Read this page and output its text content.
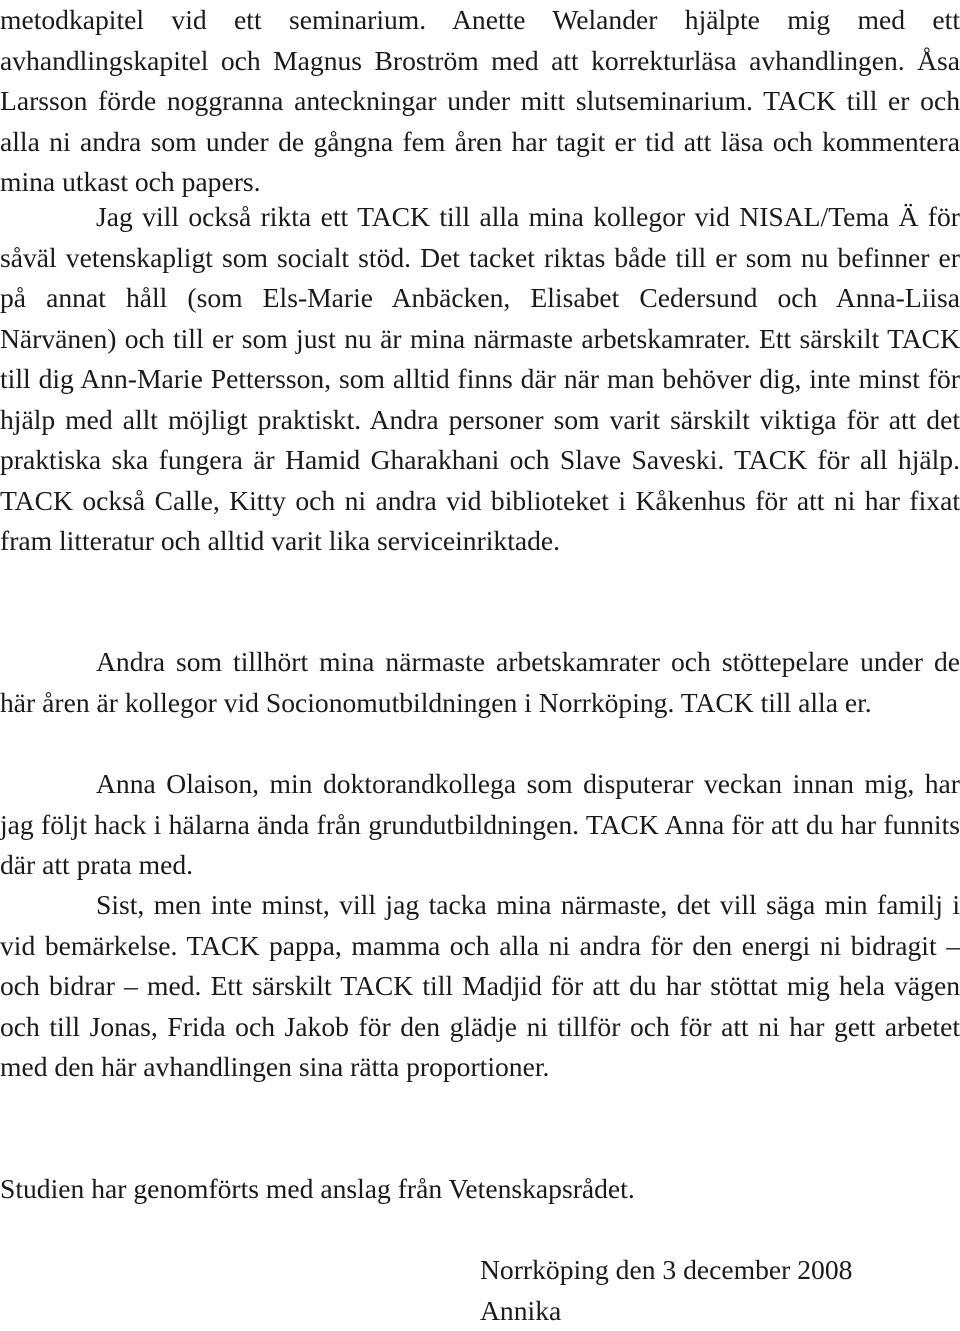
metodkapitel vid ett seminarium. Anette Welander hjälpte mig med ett avhandlingskapitel och Magnus Broström med att korrekturläsa avhandlingen. Åsa Larsson förde noggranna anteckningar under mitt slutseminarium. TACK till er och alla ni andra som under de gångna fem åren har tagit er tid att läsa och kommentera mina utkast och papers.

Jag vill också rikta ett TACK till alla mina kollegor vid NISAL/Tema Ä för såväl vetenskapligt som socialt stöd. Det tacket riktas både till er som nu befinner er på annat håll (som Els-Marie Anbäcken, Elisabet Cedersund och Anna-Liisa Närvänen) och till er som just nu är mina närmaste arbetskamrater. Ett särskilt TACK till dig Ann-Marie Pettersson, som alltid finns där när man behöver dig, inte minst för hjälp med allt möjligt praktiskt. Andra personer som varit särskilt viktiga för att det praktiska ska fungera är Hamid Gharakhani och Slave Saveski. TACK för all hjälp. TACK också Calle, Kitty och ni andra vid biblioteket i Kåkenhus för att ni har fixat fram litteratur och alltid varit lika serviceinriktade.

Andra som tillhört mina närmaste arbetskamrater och stöttepelare under de här åren är kollegor vid Socionomutbildningen i Norrköping. TACK till alla er.

Anna Olaison, min doktorandkollega som disputerar veckan innan mig, har jag följt hack i hälarna ända från grundutbildningen. TACK Anna för att du har funnits där att prata med.

Sist, men inte minst, vill jag tacka mina närmaste, det vill säga min familj i vid bemärkelse. TACK pappa, mamma och alla ni andra för den energi ni bidragit – och bidrar – med. Ett särskilt TACK till Madjid för att du har stöttat mig hela vägen och till Jonas, Frida och Jakob för den glädje ni tillför och för att ni har gett arbetet med den här avhandlingen sina rätta proportioner.

Studien har genomförts med anslag från Vetenskapsrådet.

Norrköping den 3 december 2008
Annika
